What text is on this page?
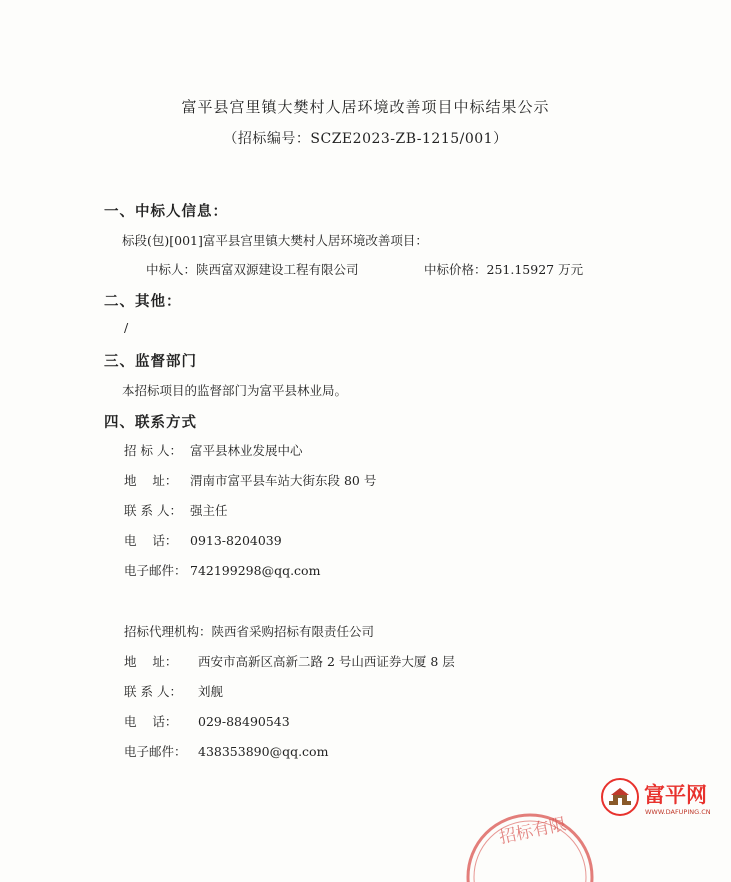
富平县宫里镇大樊村人居环境改善项目中标结果公示
（招标编号：SCZE2023-ZB-1215/001）
一、中标人信息：
标段(包)[001]富平县宫里镇大樊村人居环境改善项目：
中标人：陕西富双源建设工程有限公司	中标价格：251.15927 万元
二、其他：
/
三、监督部门
本招标项目的监督部门为富平县林业局。
四、联系方式
招 标 人： 富平县林业发展中心
地    址： 渭南市富平县车站大街东段 80 号
联 系 人： 强主任
电    话： 0913-8204039
电子邮件： 742199298@qq.com
招标代理机构：陕西省采购招标有限责任公司
地    址： 西安市高新区高新二路 2 号山西证券大厦 8 层
联 系 人： 刘舰
电    话： 029-88490543
电子邮件： 438353890@qq.com
招标有限
富平网
WWW.DAFUPING.CN
